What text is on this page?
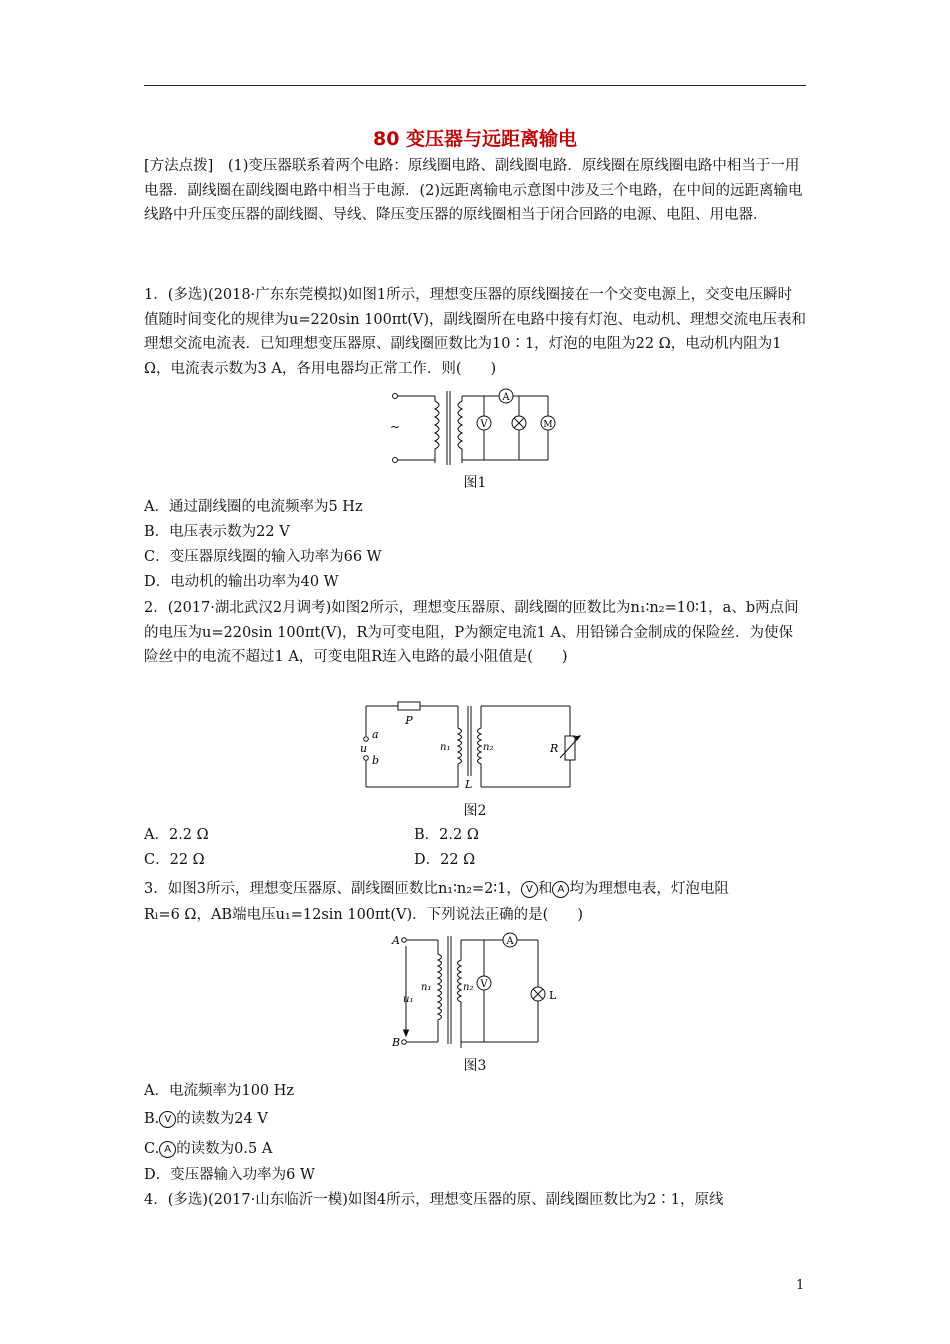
80 变压器与远距离输电
[方法点拨]　(1)变压器联系着两个电路：原线圈电路、副线圈电路．原线圈在原线圈电路中相当于一用电器．副线圈在副线圈电路中相当于电源．(2)远距离输电示意图中涉及三个电路，在中间的远距离输电线路中升压变压器的副线圈、导线、降压变压器的原线圈相当于闭合回路的电源、电阻、用电器．
1．(多选)(2018·广东东莞模拟)如图1所示，理想变压器的原线圈接在一个交变电源上，交变电压瞬时值随时间变化的规律为u=220sin 100πt(V)，副线圈所在电路中接有灯泡、电动机、理想交流电压表和理想交流电流表．已知理想变压器原、副线圈匝数比为10∶1，灯泡的电阻为22 Ω，电动机内阻为1 Ω，电流表示数为3 A，各用电器均正常工作．则(　　)
~
A
V	M
图1
A．通过副线圈的电流频率为5 Hz
B．电压表示数为22 V
C．变压器原线圈的输入功率为66 W
D．电动机的输出功率为40 W
2．(2017·湖北武汉2月调考)如图2所示，理想变压器原、副线圈的匝数比为n₁∶n₂=10∶1，a、b两点间的电压为u=220sin 100πt(V)，R为可变电阻，P为额定电流1 A、用铅锑合金制成的保险丝．为使保险丝中的电流不超过1 A，可变电阻R连入电路的最小阻值是(　　)
P
a
u
b
n₁	n₂
L
R
图2
A．2.2 Ω	B．2.2 Ω
C．22 Ω	D．22 Ω
3．如图3所示，理想变压器原、副线圈匝数比n₁∶n₂=2∶1， V 和 A 均为理想电表，灯泡电阻
Rₗ=6 Ω，AB端电压u₁=12sin 100πt(V)．下列说法正确的是(　　)
A
B
u₁
n₁	n₂
A
V
L
图3
A．电流频率为100 Hz
B. V 的读数为24 V
C. A 的读数为0.5 A
D．变压器输入功率为6 W
4．(多选)(2017·山东临沂一模)如图4所示，理想变压器的原、副线圈匝数比为2∶1，原线
1
